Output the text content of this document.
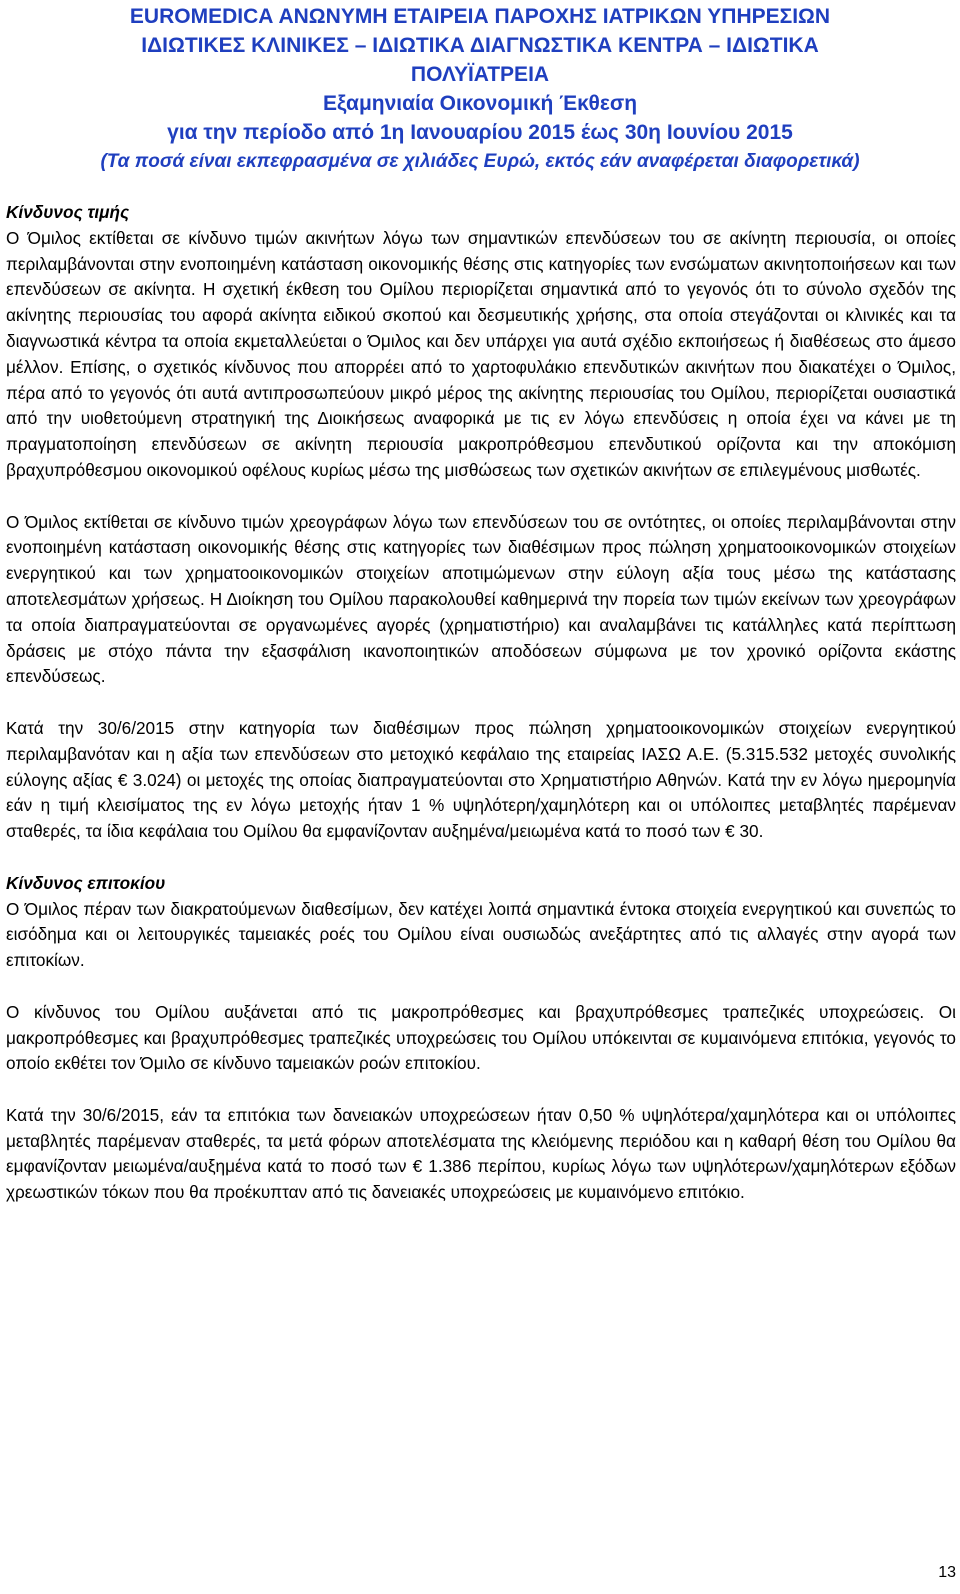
EUROMEDICA ΑΝΩΝΥΜΗ ΕΤΑΙΡΕΙΑ ΠΑΡΟΧΗΣ ΙΑΤΡΙΚΩΝ ΥΠΗΡΕΣΙΩΝ
ΙΔΙΩΤΙΚΕΣ ΚΛΙΝΙΚΕΣ – ΙΔΙΩΤΙΚΑ ΔΙΑΓΝΩΣΤΙΚΑ ΚΕΝΤΡΑ – ΙΔΙΩΤΙΚΑ
ΠΟΛΥΪΑΤΡΕΙΑ
Εξαμηνιαία Οικονομική Έκθεση
για την περίοδο από 1η Ιανουαρίου 2015 έως 30η Ιουνίου 2015
(Τα ποσά είναι εκπεφρασμένα σε χιλιάδες Ευρώ, εκτός εάν αναφέρεται διαφορετικά)
Κίνδυνος τιμής

Ο Όμιλος εκτίθεται σε κίνδυνο τιμών ακινήτων λόγω των σημαντικών επενδύσεων του σε ακίνητη περιουσία, οι οποίες περιλαμβάνονται στην ενοποιημένη κατάσταση οικονομικής θέσης στις κατηγορίες των ενσώματων ακινητοποιήσεων και των επενδύσεων σε ακίνητα. Η σχετική έκθεση του Ομίλου περιορίζεται σημαντικά από το γεγονός ότι το σύνολο σχεδόν της ακίνητης περιουσίας του αφορά ακίνητα ειδικού σκοπού και δεσμευτικής χρήσης, στα οποία στεγάζονται οι κλινικές και τα διαγνωστικά κέντρα τα οποία εκμεταλλεύεται ο Όμιλος και δεν υπάρχει για αυτά σχέδιο εκποιήσεως ή διαθέσεως στο άμεσο μέλλον. Επίσης, ο σχετικός κίνδυνος που απορρέει από το χαρτοφυλάκιο επενδυτικών ακινήτων που διακατέχει ο Όμιλος, πέρα από το γεγονός ότι αυτά αντιπροσωπεύουν μικρό μέρος της ακίνητης περιουσίας του Ομίλου, περιορίζεται ουσιαστικά από την υιοθετούμενη στρατηγική της Διοικήσεως αναφορικά με τις εν λόγω επενδύσεις η οποία έχει να κάνει με τη πραγματοποίηση επενδύσεων σε ακίνητη περιουσία μακροπρόθεσμου επενδυτικού ορίζοντα και την αποκόμιση βραχυπρόθεσμου οικονομικού οφέλους κυρίως μέσω της μισθώσεως των σχετικών ακινήτων σε επιλεγμένους μισθωτές.

Ο Όμιλος εκτίθεται σε κίνδυνο τιμών χρεογράφων λόγω των επενδύσεων του σε οντότητες, οι οποίες περιλαμβάνονται στην ενοποιημένη κατάσταση οικονομικής θέσης στις κατηγορίες των διαθέσιμων προς πώληση χρηματοοικονομικών στοιχείων ενεργητικού και των χρηματοοικονομικών στοιχείων αποτιμώμενων στην εύλογη αξία τους μέσω της κατάστασης αποτελεσμάτων χρήσεως. Η Διοίκηση του Ομίλου παρακολουθεί καθημερινά την πορεία των τιμών εκείνων των χρεογράφων τα οποία διαπραγματεύονται σε οργανωμένες αγορές (χρηματιστήριο) και αναλαμβάνει τις κατάλληλες κατά περίπτωση δράσεις με στόχο πάντα την εξασφάλιση ικανοποιητικών αποδόσεων σύμφωνα με τον χρονικό ορίζοντα εκάστης επενδύσεως.

Κατά την 30/6/2015 στην κατηγορία των διαθέσιμων προς πώληση χρηματοοικονομικών στοιχείων ενεργητικού περιλαμβανόταν και η αξία των επενδύσεων στο μετοχικό κεφάλαιο της εταιρείας ΙΑΣΩ Α.Ε. (5.315.532 μετοχές συνολικής εύλογης αξίας € 3.024) οι μετοχές της οποίας διαπραγματεύονται στο Χρηματιστήριο Αθηνών. Κατά την εν λόγω ημερομηνία εάν η τιμή κλεισίματος της εν λόγω μετοχής ήταν 1 % υψηλότερη/χαμηλότερη και οι υπόλοιπες μεταβλητές παρέμεναν σταθερές, τα ίδια κεφάλαια του Ομίλου θα εμφανίζονταν αυξημένα/μειωμένα κατά το ποσό των € 30.

Κίνδυνος επιτοκίου

Ο Όμιλος πέραν των διακρατούμενων διαθεσίμων, δεν κατέχει λοιπά σημαντικά έντοκα στοιχεία ενεργητικού και συνεπώς το εισόδημα και οι λειτουργικές ταμειακές ροές του Ομίλου είναι ουσιωδώς ανεξάρτητες από τις αλλαγές στην αγορά των επιτοκίων.

Ο κίνδυνος του Ομίλου αυξάνεται από τις μακροπρόθεσμες και βραχυπρόθεσμες τραπεζικές υποχρεώσεις. Οι μακροπρόθεσμες και βραχυπρόθεσμες τραπεζικές υποχρεώσεις του Ομίλου υπόκεινται σε κυμαινόμενα επιτόκια, γεγονός το οποίο εκθέτει τον Όμιλο σε κίνδυνο ταμειακών ροών επιτοκίου.

Κατά την 30/6/2015, εάν τα επιτόκια των δανειακών υποχρεώσεων ήταν 0,50 % υψηλότερα/χαμηλότερα και οι υπόλοιπες μεταβλητές παρέμεναν σταθερές, τα μετά φόρων αποτελέσματα της κλειόμενης περιόδου και η καθαρή θέση του Ομίλου θα εμφανίζονταν μειωμένα/αυξημένα κατά το ποσό των € 1.386 περίπου, κυρίως λόγω των υψηλότερων/χαμηλότερων εξόδων χρεωστικών τόκων που θα προέκυπταν από τις δανειακές υποχρεώσεις με κυμαινόμενο επιτόκιο.

13
